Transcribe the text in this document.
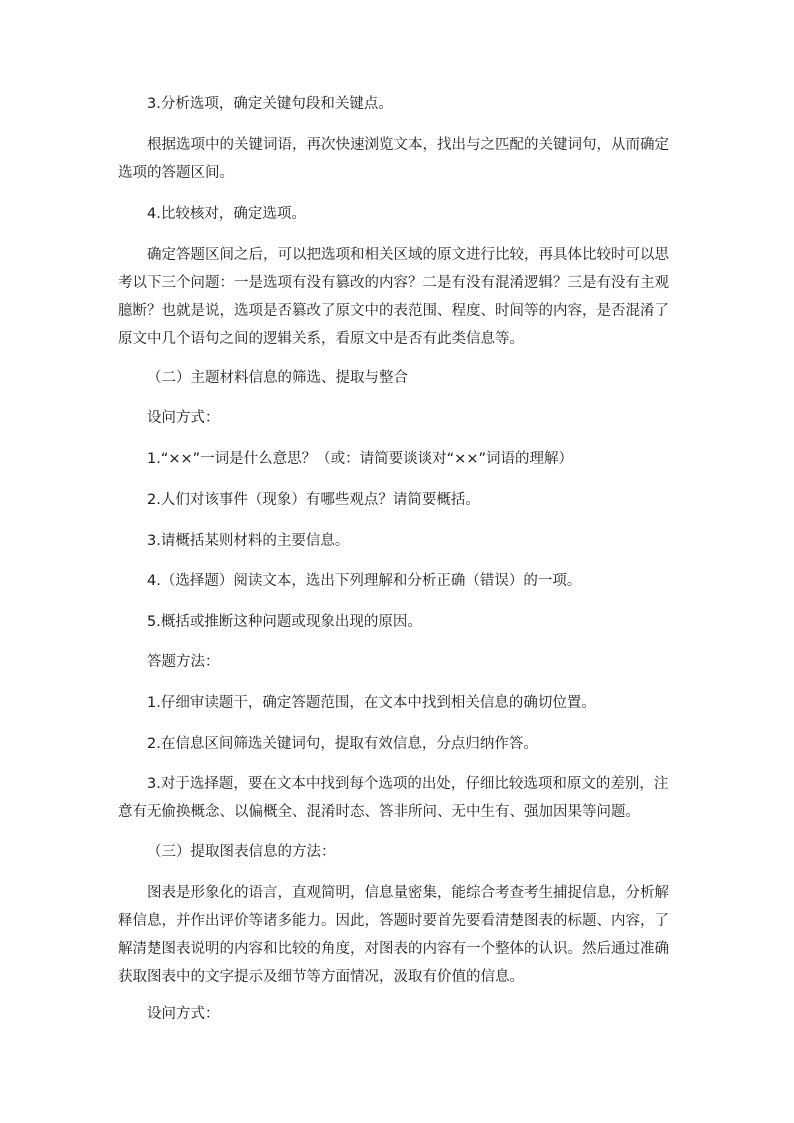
3.分析选项，确定关键句段和关键点。

根据选项中的关键词语，再次快速浏览文本，找出与之匹配的关键词句，从而确定选项的答题区间。

4.比较核对，确定选项。

确定答题区间之后，可以把选项和相关区域的原文进行比较，再具体比较时可以思考以下三个问题：一是选项有没有篡改的内容？二是有没有混淆逻辑？三是有没有主观臆断？也就是说，选项是否篡改了原文中的表范围、程度、时间等的内容，是否混淆了原文中几个语句之间的逻辑关系，看原文中是否有此类信息等。

（二）主题材料信息的筛选、提取与整合

设问方式：

1.“××”一词是什么意思？（或：请简要谈谈对“××”词语的理解）

2.人们对该事件（现象）有哪些观点？请简要概括。

3.请概括某则材料的主要信息。

4.（选择题）阅读文本，选出下列理解和分析正确（错误）的一项。

5.概括或推断这种问题或现象出现的原因。

答题方法：

1.仔细审读题干，确定答题范围，在文本中找到相关信息的确切位置。

2.在信息区间筛选关键词句，提取有效信息，分点归纳作答。

3.对于选择题，要在文本中找到每个选项的出处，仔细比较选项和原文的差别，注意有无偷换概念、以偏概全、混淆时态、答非所问、无中生有、强加因果等问题。

（三）提取图表信息的方法：

图表是形象化的语言，直观简明，信息量密集，能综合考查考生捕捉信息，分析解释信息，并作出评价等诸多能力。因此，答题时要首先要看清楚图表的标题、内容，了解清楚图表说明的内容和比较的角度，对图表的内容有一个整体的认识。然后通过准确获取图表中的文字提示及细节等方面情况，汲取有价值的信息。

设问方式：
